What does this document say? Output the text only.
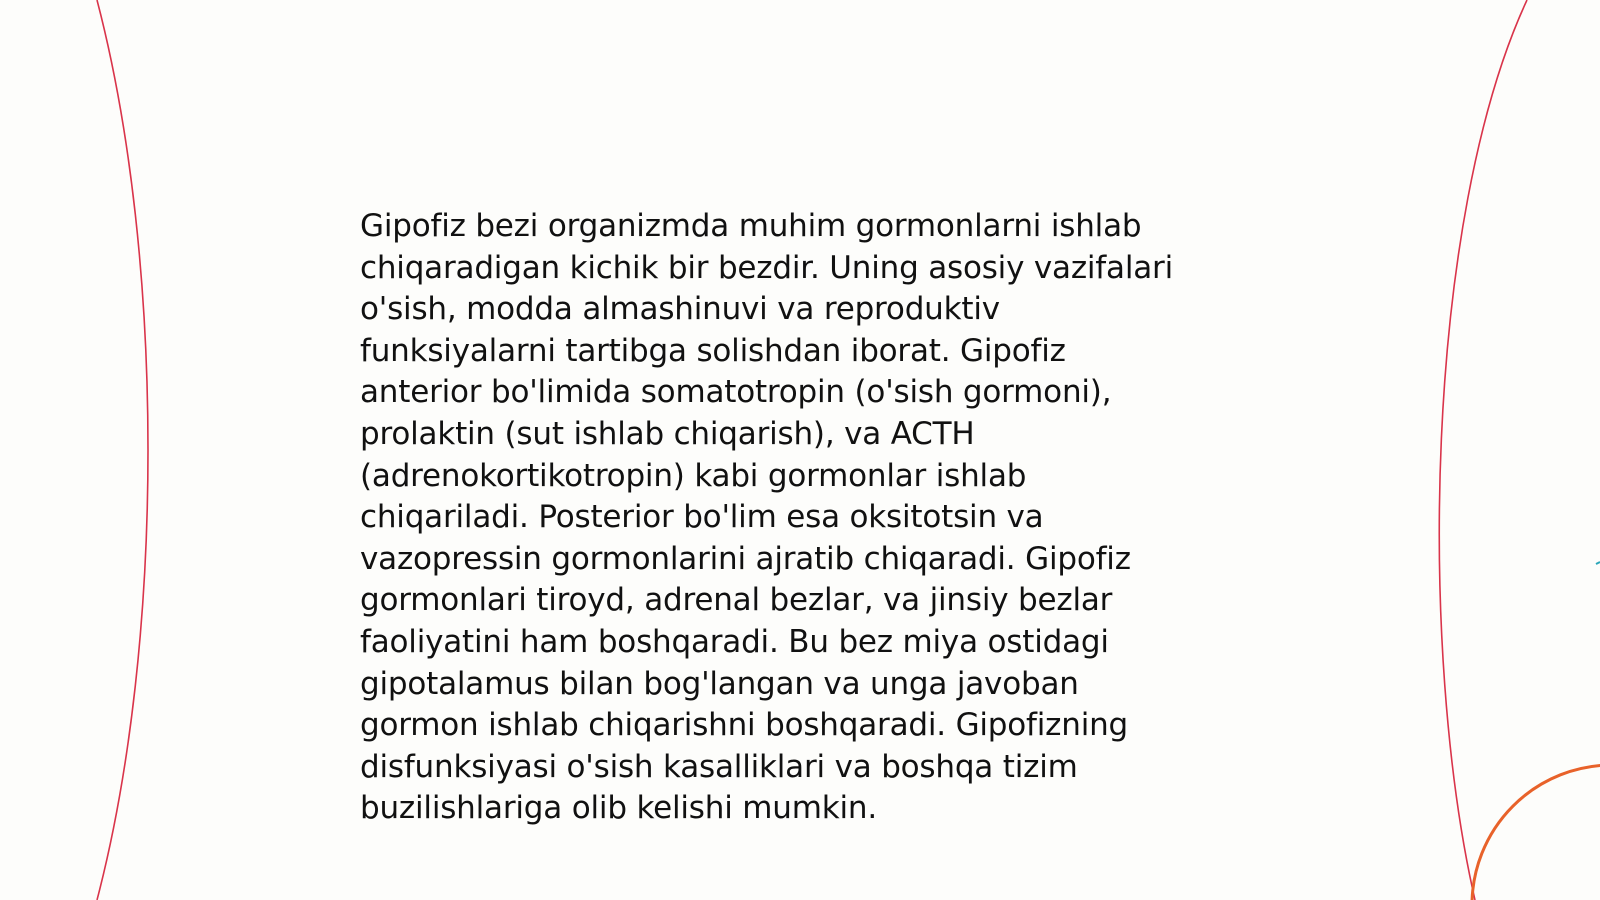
Gipofiz bezi organizmda muhim gormonlarni ishlab
chiqaradigan kichik bir bezdir. Uning asosiy vazifalari
o'sish, modda almashinuvi va reproduktiv
funksiyalarni tartibga solishdan iborat. Gipofiz
anterior bo'limida somatotropin (o'sish gormoni),
prolaktin (sut ishlab chiqarish), va ACTH
(adrenokortikotropin) kabi gormonlar ishlab
chiqariladi. Posterior bo'lim esa oksitotsin va
vazopressin gormonlarini ajratib chiqaradi. Gipofiz
gormonlari tiroyd, adrenal bezlar, va jinsiy bezlar
faoliyatini ham boshqaradi. Bu bez miya ostidagi
gipotalamus bilan bog'langan va unga javoban
gormon ishlab chiqarishni boshqaradi. Gipofizning
disfunksiyasi o'sish kasalliklari va boshqa tizim
buzilishlariga olib kelishi mumkin.
